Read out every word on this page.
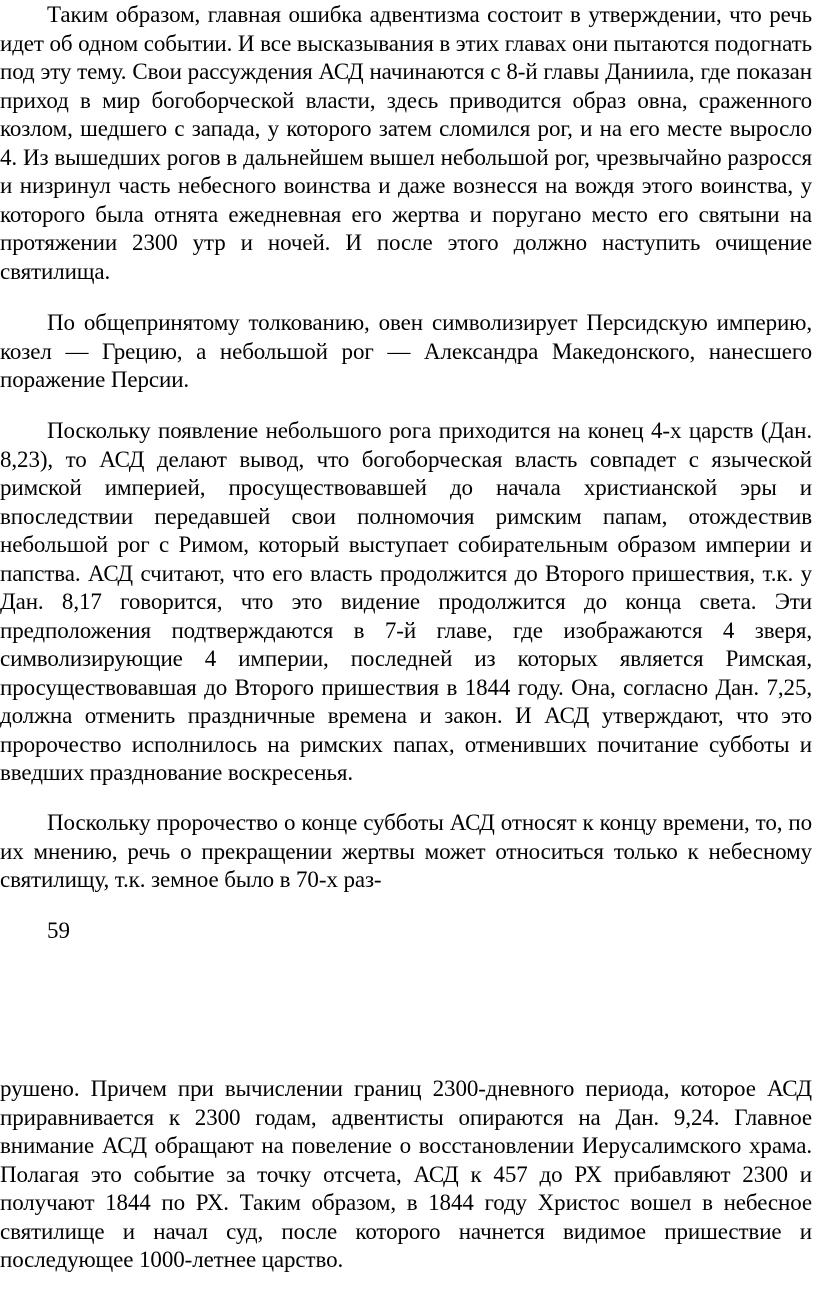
Таким образом, главная ошибка адвентизма состоит в утверждении, что речь идет об одном событии. И все высказывания в этих главах они пытаются подогнать под эту тему. Свои рассуждения АСД начинаются с 8-й главы Даниила, где показан приход в мир богоборческой власти, здесь приводится образ овна, сраженного козлом, шедшего с запада, у которого затем сломился рог, и на его месте выросло 4. Из вышедших рогов в дальнейшем вышел небольшой рог, чрезвычайно разросся и низринул часть небесного воинства и даже вознесся на вождя этого воинства, у которого была отнята ежедневная его жертва и поругано место его святыни на протяжении 2300 утр и ночей. И после этого должно наступить очищение святилища.

По общепринятому толкованию, овен символизирует Персидскую империю, козел — Грецию, а небольшой рог — Александра Македонского, нанесшего поражение Персии.

Поскольку появление небольшого рога приходится на конец 4-х царств (Дан. 8,23), то АСД делают вывод, что богоборческая власть совпадет с языческой римской империей, просуществовавшей до начала христианской эры и впоследствии передавшей свои полномочия римским папам, отождествив небольшой рог с Римом, который выступает собирательным образом империи и папства. АСД считают, что его власть продолжится до Второго пришествия, т.к. у Дан. 8,17 говорится, что это видение продолжится до конца света. Эти предположения подтверждаются в 7-й главе, где изображаются 4 зверя, символизирующие 4 империи, последней из которых является Римская, просуществовавшая до Второго пришествия в 1844 году. Она, согласно Дан. 7,25, должна отменить праздничные времена и закон. И АСД утверждают, что это пророчество исполнилось на римских папах, отменивших почитание субботы и введших празднование воскресенья.

Поскольку пророчество о конце субботы АСД относят к концу времени, то, по их мнению, речь о прекращении жертвы может относиться только к небесному святилищу, т.к. земное было в 70-х раз-

59

рушено. Причем при вычислении границ 2300-дневного периода, которое АСД приравнивается к 2300 годам, адвентисты опираются на Дан. 9,24. Главное внимание АСД обращают на повеление о восстановлении Иерусалимского храма. Полагая это событие за точку отсчета, АСД к 457 до РХ прибавляют 2300 и получают 1844 по РХ. Таким образом, в 1844 году Христос вошел в небесное святилище и начал суд, после которого начнется видимое пришествие и последующее 1000-летнее царство.
